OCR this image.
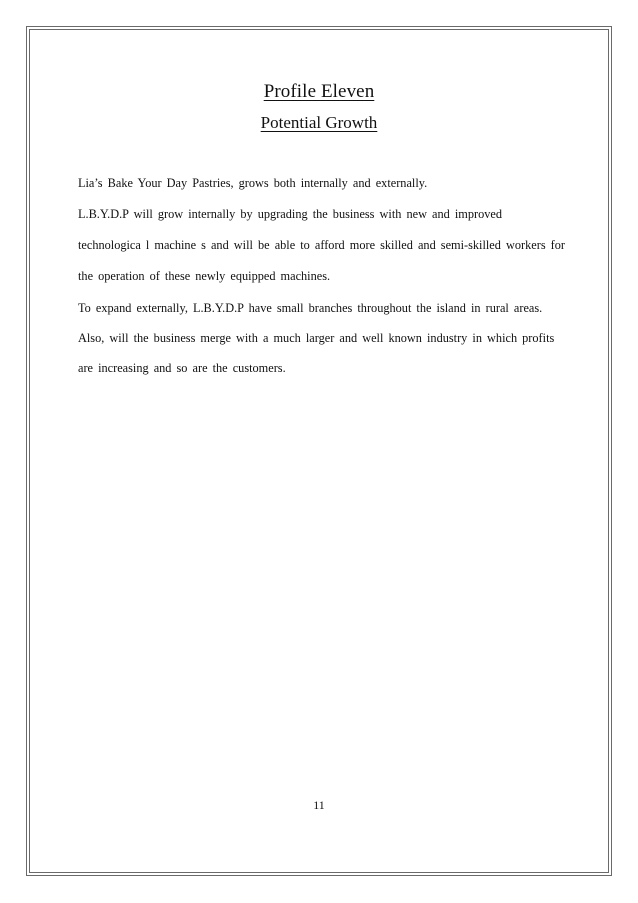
Profile Eleven
Potential Growth

Lia’s Bake Your Day Pastries, grows both internally and externally.

L.B.Y.D.P will grow internally by upgrading the business with new and improved
technologica l machine s and will be able to afford more skilled and semi-skilled workers for
the operation of these newly equipped machines.

To expand externally, L.B.Y.D.P have small branches throughout the island in rural areas.
Also, will the business merge with a much larger and well known industry in which profits
are increasing and so are the customers.

11
